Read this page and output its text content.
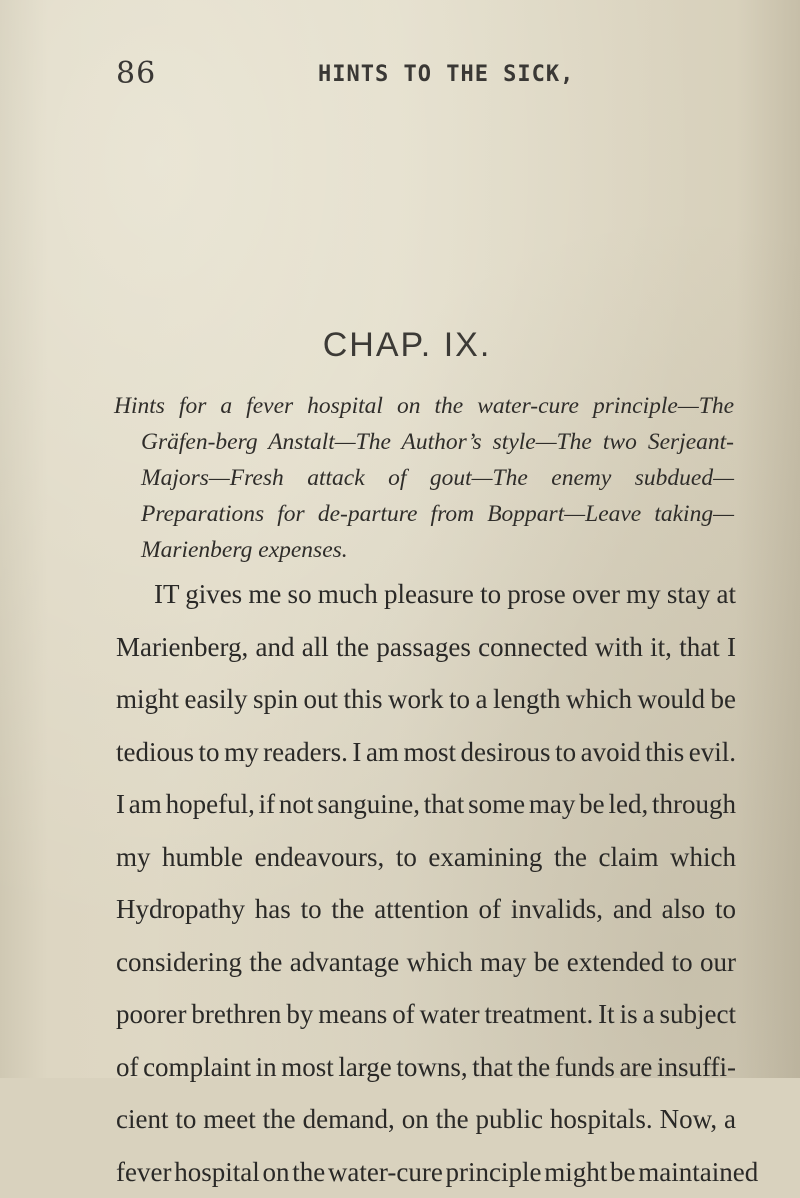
86	HINTS TO THE SICK,
CHAP. IX.
Hints for a fever hospital on the water-cure principle—The Gräfen-berg Anstalt—The Author’s style—The two Serjeant-Majors—Fresh attack of gout—The enemy subdued—Preparations for de-parture from Boppart—Leave taking—Marienberg expenses.
IT gives me so much pleasure to prose over my stay at
Marienberg, and all the passages connected with it, that I
might easily spin out this work to a length which would be
tedious to my readers. I am most desirous to avoid this evil.
I am hopeful, if not sanguine, that some may be led, through
my humble endeavours, to examining the claim which
Hydropathy has to the attention of invalids, and also to
considering the advantage which may be extended to our
poorer brethren by means of water treatment. It is a subject
of complaint in most large towns, that the funds are insuffi-
cient to meet the demand, on the public hospitals. Now, a
fever hospital on the water-cure principle might be maintained
